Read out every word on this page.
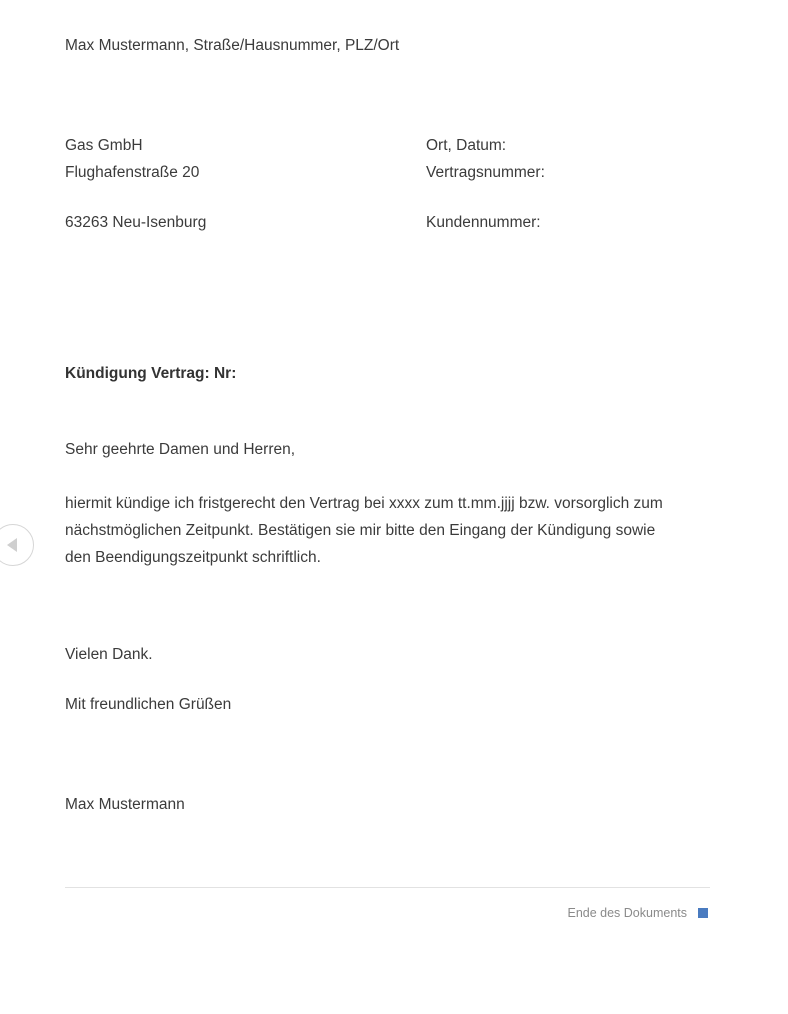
Max Mustermann, Straße/Hausnummer, PLZ/Ort
Gas GmbH
Flughafenstraße 20
63263 Neu-Isenburg
Ort, Datum:
Vertragsnummer:
Kundennummer:
Kündigung Vertrag: Nr:
Sehr geehrte Damen und Herren,
hiermit kündige ich fristgerecht den Vertrag bei xxxx zum tt.mm.jjjj bzw. vorsorglich zum
nächstmöglichen Zeitpunkt. Bestätigen sie mir bitte den Eingang der Kündigung sowie
den Beendigungszeitpunkt schriftlich.
Vielen Dank.
Mit freundlichen Grüßen
Max Mustermann
Ende des Dokuments
